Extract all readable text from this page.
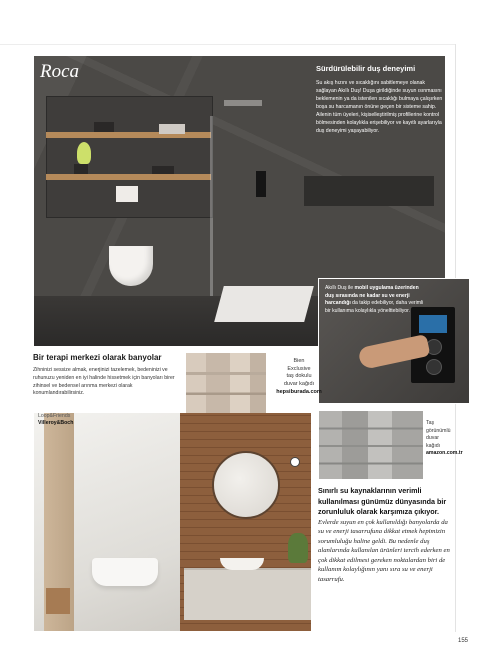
Roca	Sürdürülebilir duş deneyimi
Su akış hızını ve sıcaklığını sabitlemeye olanak sağlayan Akıllı Duş! Duşa girildiğinde suyun ısınmasını beklemenin ya da istenilen sıcaklığı bulmaya çalışırken boşa su harcamanın önüne geçen bir sisteme sahip. Ailenin tüm üyeleri, kişiselleştirilmiş profillerine kontrol bölmesinden kolaylıkla erişebiliyor ve kayıtlı ayarlarıyla duş deneyimi yaşayabiliyor.
Akıllı Duş ile mobil uygulama üzerinden duş sırasında ne kadar su ve enerji harcandığı da takip edebiliyor, daha verimli bir kullanıma kolaylıkla yönelttebiliyor.
Bir terapi merkezi olarak banyolar
Zihninizi sessize almak, enerjinizi tazelemek, bedeninizi ve ruhunuzu yeniden en iyi halinde hissetmek için banyoları birer zihinsel ve bedensel arınma merkezi olarak konumlandırabilirsiniz.
Bien
Exclusive
taş dokulu
duvar kağıdı
hepsiburada.com
Loop&Friends
Villeroy&Boch	Taş
görünümlü
duvar
kağıdı
amazon.com.tr
Sınırlı su kaynaklarının verimli kullanılması günümüz dünyasında bir zorunluluk olarak karşımıza çıkıyor. Evlerde suyun en çok kullanıldığı banyolarda da su ve enerji tasarrufuna dikkat etmek hepimizin sorumluluğu haline geldi. Bu nedenle duş alanlarında kullanılan ürünleri tercih ederken en çok dikkat edilmesi gereken noktalardan biri de kullanım kolaylığının yanı sıra su ve enerji tasarrufu.
155
